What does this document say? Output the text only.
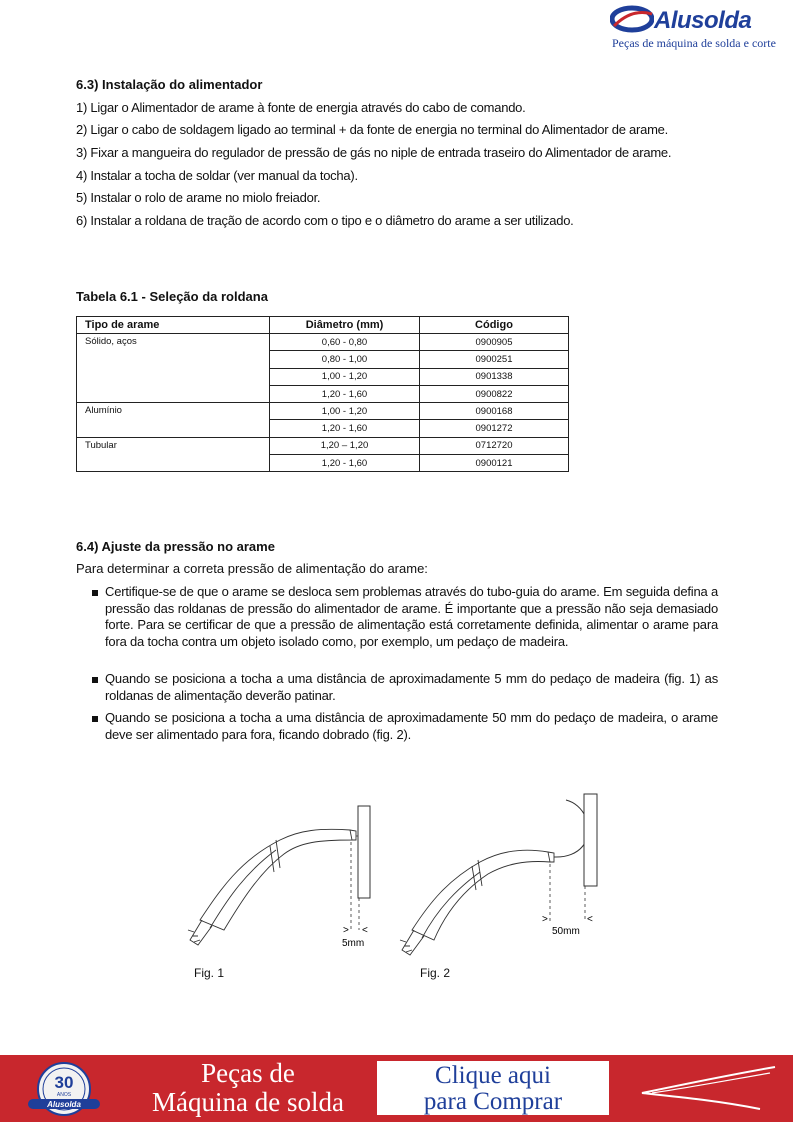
Alusolda
Peças de máquina de solda e corte
6.3) Instalação do alimentador
1) Ligar o Alimentador de arame à fonte de energia através do cabo de comando.
2) Ligar o cabo de soldagem ligado ao terminal + da fonte de energia no terminal do Alimentador de arame.
3) Fixar a mangueira do regulador de pressão de gás no niple de entrada traseiro do Alimentador de arame.
4) Instalar a tocha de soldar (ver manual da tocha).
5) Instalar o rolo de arame no miolo freiador.
6) Instalar a roldana de tração de acordo com o tipo e o diâmetro do arame a ser utilizado.
Tabela 6.1 - Seleção da roldana
Tipo de arame	Diâmetro (mm)	Código
Sólido, aços	0,60 - 0,80	0900905
	0,80 - 1,00	0900251
	1,00 - 1,20	0901338
	1,20 - 1,60	0900822
Alumínio	1,00 - 1,20	0900168
	1,20 - 1,60	0901272
Tubular	1,20 – 1,20	0712720
	1,20 - 1,60	0900121
6.4) Ajuste da pressão no arame
Para determinar a correta pressão de alimentação do arame:
Certifique-se de que o arame se desloca sem problemas através do tubo-guia do arame. Em seguida defina a pressão das roldanas de pressão do alimentador de arame. É importante que a pressão não seja demasiado forte. Para se certificar de que a pressão de alimentação está corretamente definida, alimentar o arame para fora da tocha contra um objeto isolado como, por exemplo, um pedaço de madeira.
Quando se posiciona a tocha a uma distância de aproximadamente 5 mm do pedaço de madeira (fig. 1) as roldanas de alimentação deverão patinar.
Quando se posiciona a tocha a uma distância de aproximadamente 50 mm do pedaço de madeira, o arame deve ser alimentado para fora, ficando dobrado (fig. 2).
> <
5mm
>	<
50mm
Fig. 1	Fig. 2
30
ANOS
Alusolda
Peças de
Máquina de solda
Clique aqui
para Comprar
